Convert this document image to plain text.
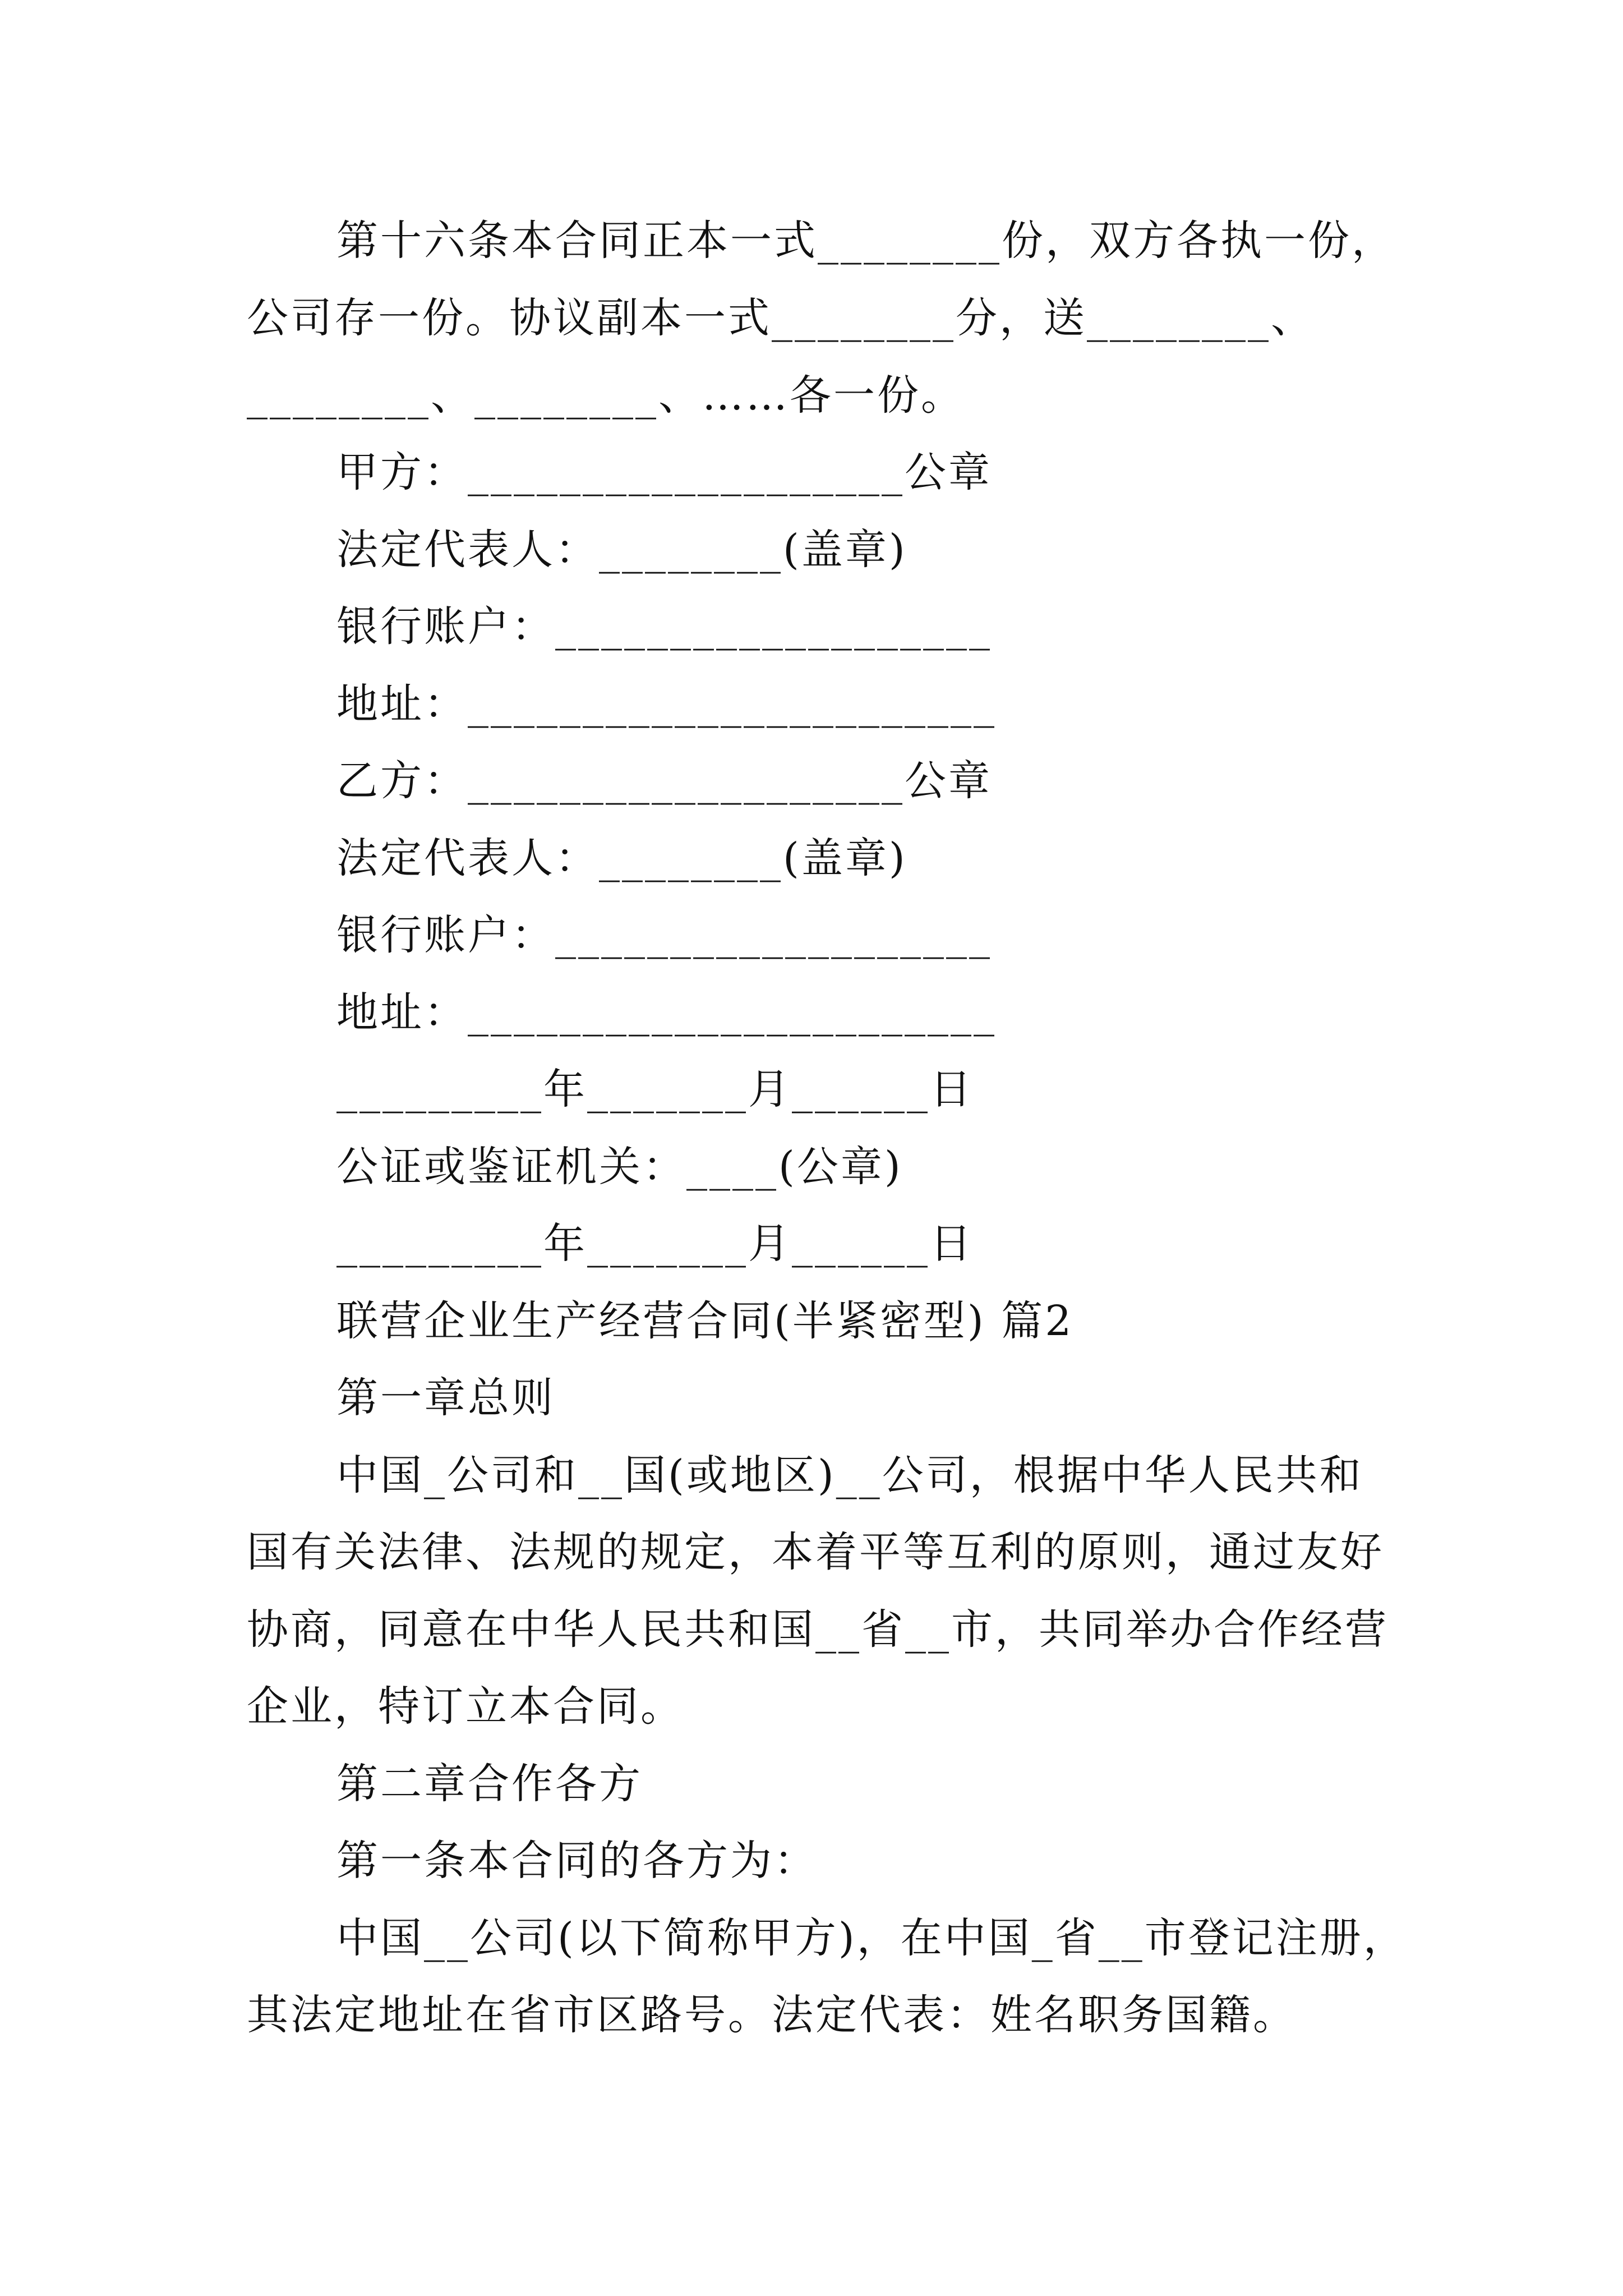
第十六条本合同正本一式________份，双方各执一份，
公司存一份。协议副本一式________分，送________、
________、________、……各一份。
甲方：___________________公章
法定代表人：________(盖章)
银行账户：___________________
地址：_______________________
乙方：___________________公章
法定代表人：________(盖章)
银行账户：___________________
地址：_______________________
_________年_______月______日
公证或鉴证机关：____(公章)
_________年_______月______日
联营企业生产经营合同(半紧密型) 篇2
第一章总则
中国_公司和__国(或地区)__公司，根据中华人民共和
国有关法律、法规的规定，本着平等互利的原则，通过友好
协商，同意在中华人民共和国__省__市，共同举办合作经营
企业，特订立本合同。
第二章合作各方
第一条本合同的各方为：
中国__公司(以下简称甲方)，在中国_省__市登记注册，
其法定地址在省市区路号。法定代表：姓名职务国籍。
